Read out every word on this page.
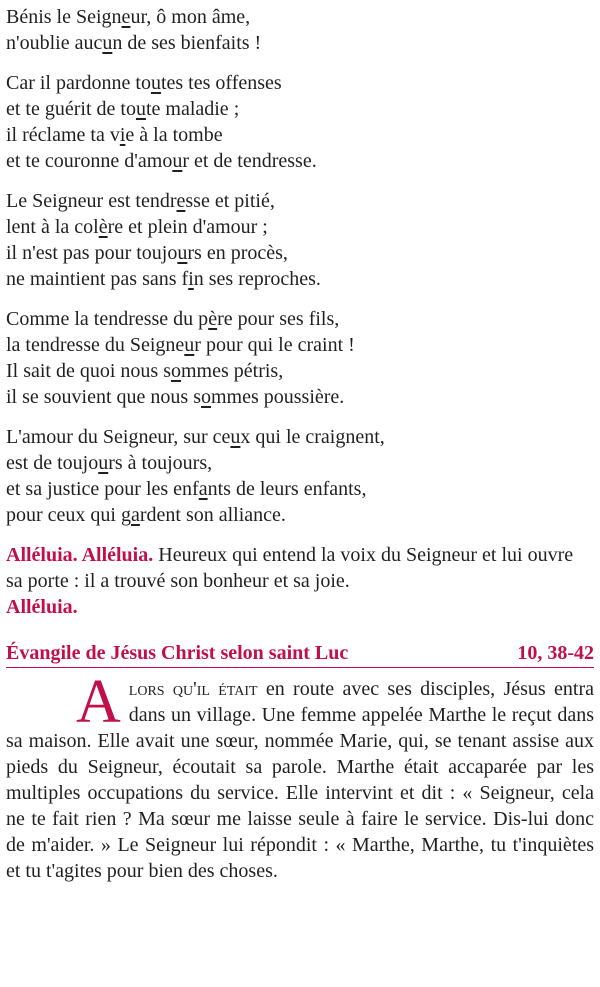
Bénis le Seigneur, ô mon âme,
n'oublie aucun de ses bienfaits !
Car il pardonne toutes tes offenses
et te guérit de toute maladie ;
il réclame ta vie à la tombe
et te couronne d'amour et de tendresse.
Le Seigneur est tendresse et pitié,
lent à la colère et plein d'amour ;
il n'est pas pour toujours en procès,
ne maintient pas sans fin ses reproches.
Comme la tendresse du père pour ses fils,
la tendresse du Seigneur pour qui le craint !
Il sait de quoi nous sommes pétris,
il se souvient que nous sommes poussière.
L'amour du Seigneur, sur ceux qui le craignent,
est de toujours à toujours,
et sa justice pour les enfants de leurs enfants,
pour ceux qui gardent son alliance.
Alléluia. Alléluia. Heureux qui entend la voix du Seigneur et lui ouvre sa porte : il a trouvé son bonheur et sa joie.
Alléluia.
Évangile de Jésus Christ selon saint Luc	10, 38-42
Alors qu'il était en route avec ses disciples, Jésus entra dans un village. Une femme appelée Marthe le reçut dans sa maison. Elle avait une sœur, nommée Marie, qui, se tenant assise aux pieds du Seigneur, écoutait sa parole. Marthe était accaparée par les multiples occupations du service. Elle intervint et dit : « Seigneur, cela ne te fait rien ? Ma sœur me laisse seule à faire le service. Dis-lui donc de m'aider. » Le Seigneur lui répondit : « Marthe, Marthe, tu t'inquiètes et tu t'agites pour bien des choses.
